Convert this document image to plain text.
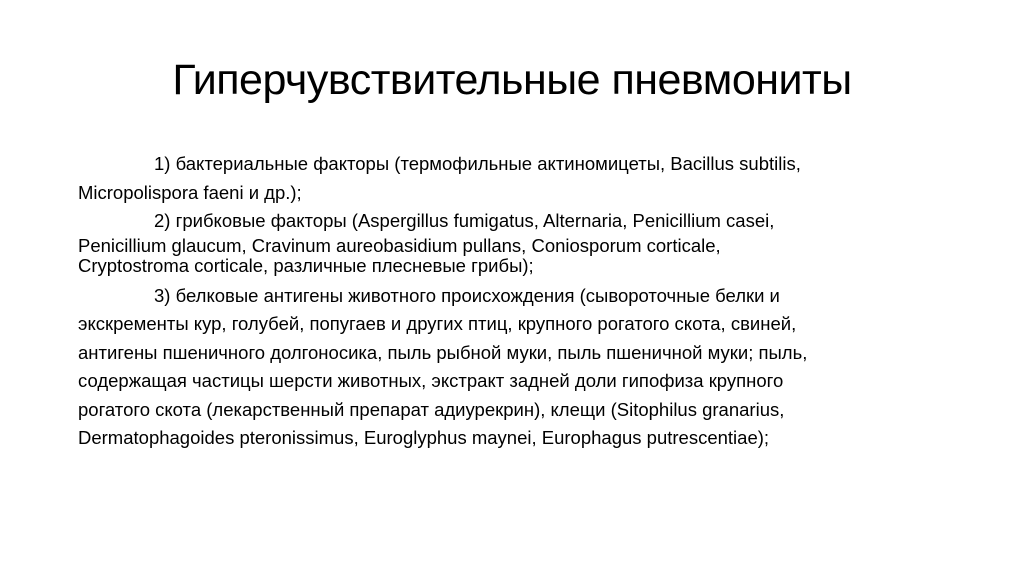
Гиперчувствительные пневмониты
1) бактериальные факторы (термофильные актиномицеты, Bacillus subtilis,
Micropolispora faeni и др.);
2) грибковые факторы (Aspergillus fumigatus, Alternaria, Penicillium casei,
Penicillium glaucum, Cravinum aureobasidium pullans, Coniosporum corticale,
Cryptostroma corticale, различные плесневые грибы);
3) белковые антигены животного происхождения (сывороточные белки и
экскременты кур, голубей, попугаев и других птиц, крупного рогатого скота, свиней,
антигены пшеничного долгоносика, пыль рыбной муки, пыль пшеничной муки; пыль,
содержащая частицы шерсти животных, экстракт задней доли гипофиза крупного
рогатого скота (лекарственный препарат адиурекрин), клещи (Sitophilus granarius,
Dermatophagoides pteronissimus, Euroglyphus maynei, Europhagus putrescentiae);
